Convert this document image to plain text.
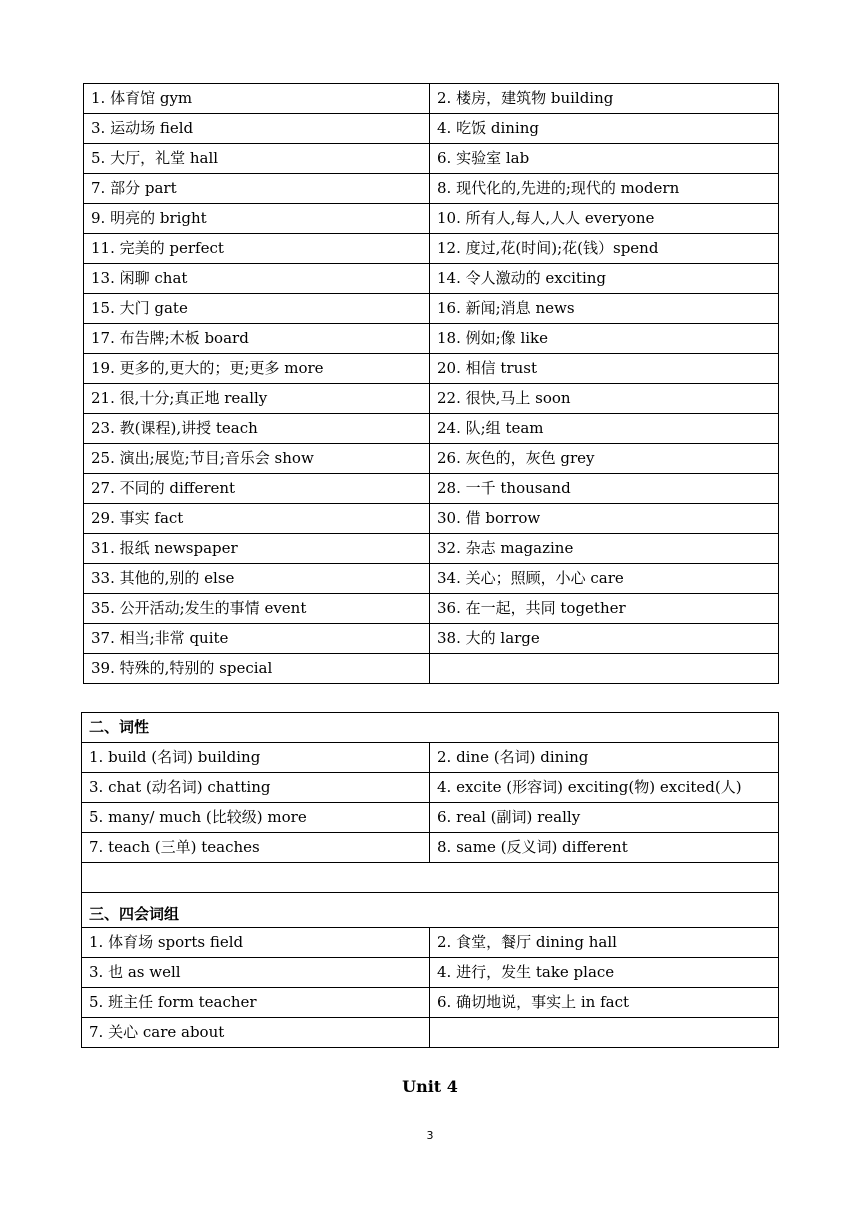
1. 体育馆 gym	2. 楼房，建筑物 building
3. 运动场 field	4. 吃饭 dining
5. 大厅，礼堂 hall	6. 实验室 lab
7. 部分 part	8. 现代化的,先进的;现代的 modern
9. 明亮的 bright	10. 所有人,每人,人人 everyone
11. 完美的 perfect	12. 度过,花(时间);花(钱）spend
13. 闲聊 chat	14. 令人激动的 exciting
15. 大门 gate	16. 新闻;消息 news
17. 布告牌;木板 board	18. 例如;像 like
19. 更多的,更大的；更;更多 more	20. 相信 trust
21. 很,十分;真正地 really	22. 很快,马上 soon
23. 教(课程),讲授 teach	24. 队;组 team
25. 演出;展览;节目;音乐会 show	26. 灰色的，灰色 grey
27. 不同的 different	28. 一千 thousand
29. 事实 fact	30. 借 borrow
31. 报纸 newspaper	32. 杂志 magazine
33. 其他的,别的 else	34. 关心；照顾，小心 care
35. 公开活动;发生的事情 event	36. 在一起，共同 together
37. 相当;非常 quite	38. 大的 large
39. 特殊的,特别的 special	
二、词性	
1. build (名词) building	2. dine (名词) dining
3. chat (动名词) chatting	4. excite (形容词) exciting(物) excited(人)
5. many/ much (比较级) more	6. real (副词) really
7. teach (三单) teaches	8. same (反义词) different

三、四会词组	
1. 体育场 sports field	2. 食堂，餐厅 dining hall
3. 也 as well	4. 进行，发生 take place
5. 班主任 form teacher	6. 确切地说，事实上 in fact
7. 关心 care about	
Unit 4
3
